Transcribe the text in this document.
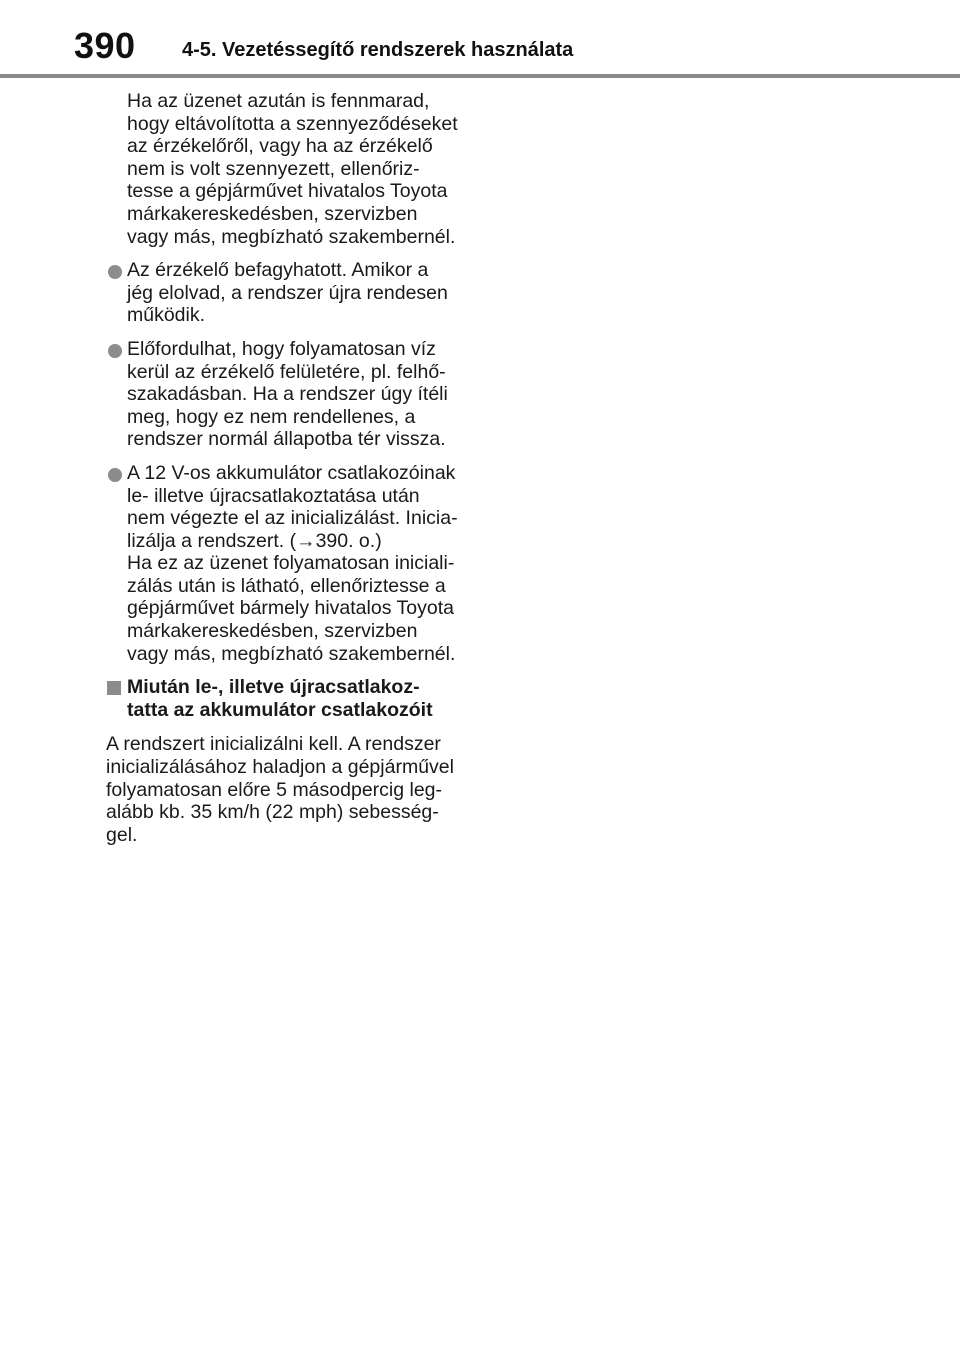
390 4-5. Vezetéssegítő rendszerek használata
Ha az üzenet azután is fennmarad,
hogy eltávolította a szennyeződéseket
az érzékelőről, vagy ha az érzékelő
nem is volt szennyezett, ellenőriz-
tesse a gépjárművet hivatalos Toyota
márkakereskedésben, szervizben
vagy más, megbízható szakembernél.
Az érzékelő befagyhatott. Amikor a
jég elolvad, a rendszer újra rendesen
működik.
Előfordulhat, hogy folyamatosan víz
kerül az érzékelő felületére, pl. felhő-
szakadásban. Ha a rendszer úgy ítéli
meg, hogy ez nem rendellenes, a
rendszer normál állapotba tér vissza.
A 12 V-os akkumulátor csatlakozóinak
le- illetve újracsatlakoztatása után
nem végezte el az inicializálást. Inicia-
lizálja a rendszert. (→390. o.)
Ha ez az üzenet folyamatosan iniciali-
zálás után is látható, ellenőriztesse a
gépjárművet bármely hivatalos Toyota
márkakereskedésben, szervizben
vagy más, megbízható szakembernél.
Miután le-, illetve újracsatlakoz-
tatta az akkumulátor csatlakozóit
A rendszert inicializálni kell. A rendszer
inicializálásához haladjon a gépjárművel
folyamatosan előre 5 másodpercig leg-
alább kb. 35 km/h (22 mph) sebesség-
gel.
